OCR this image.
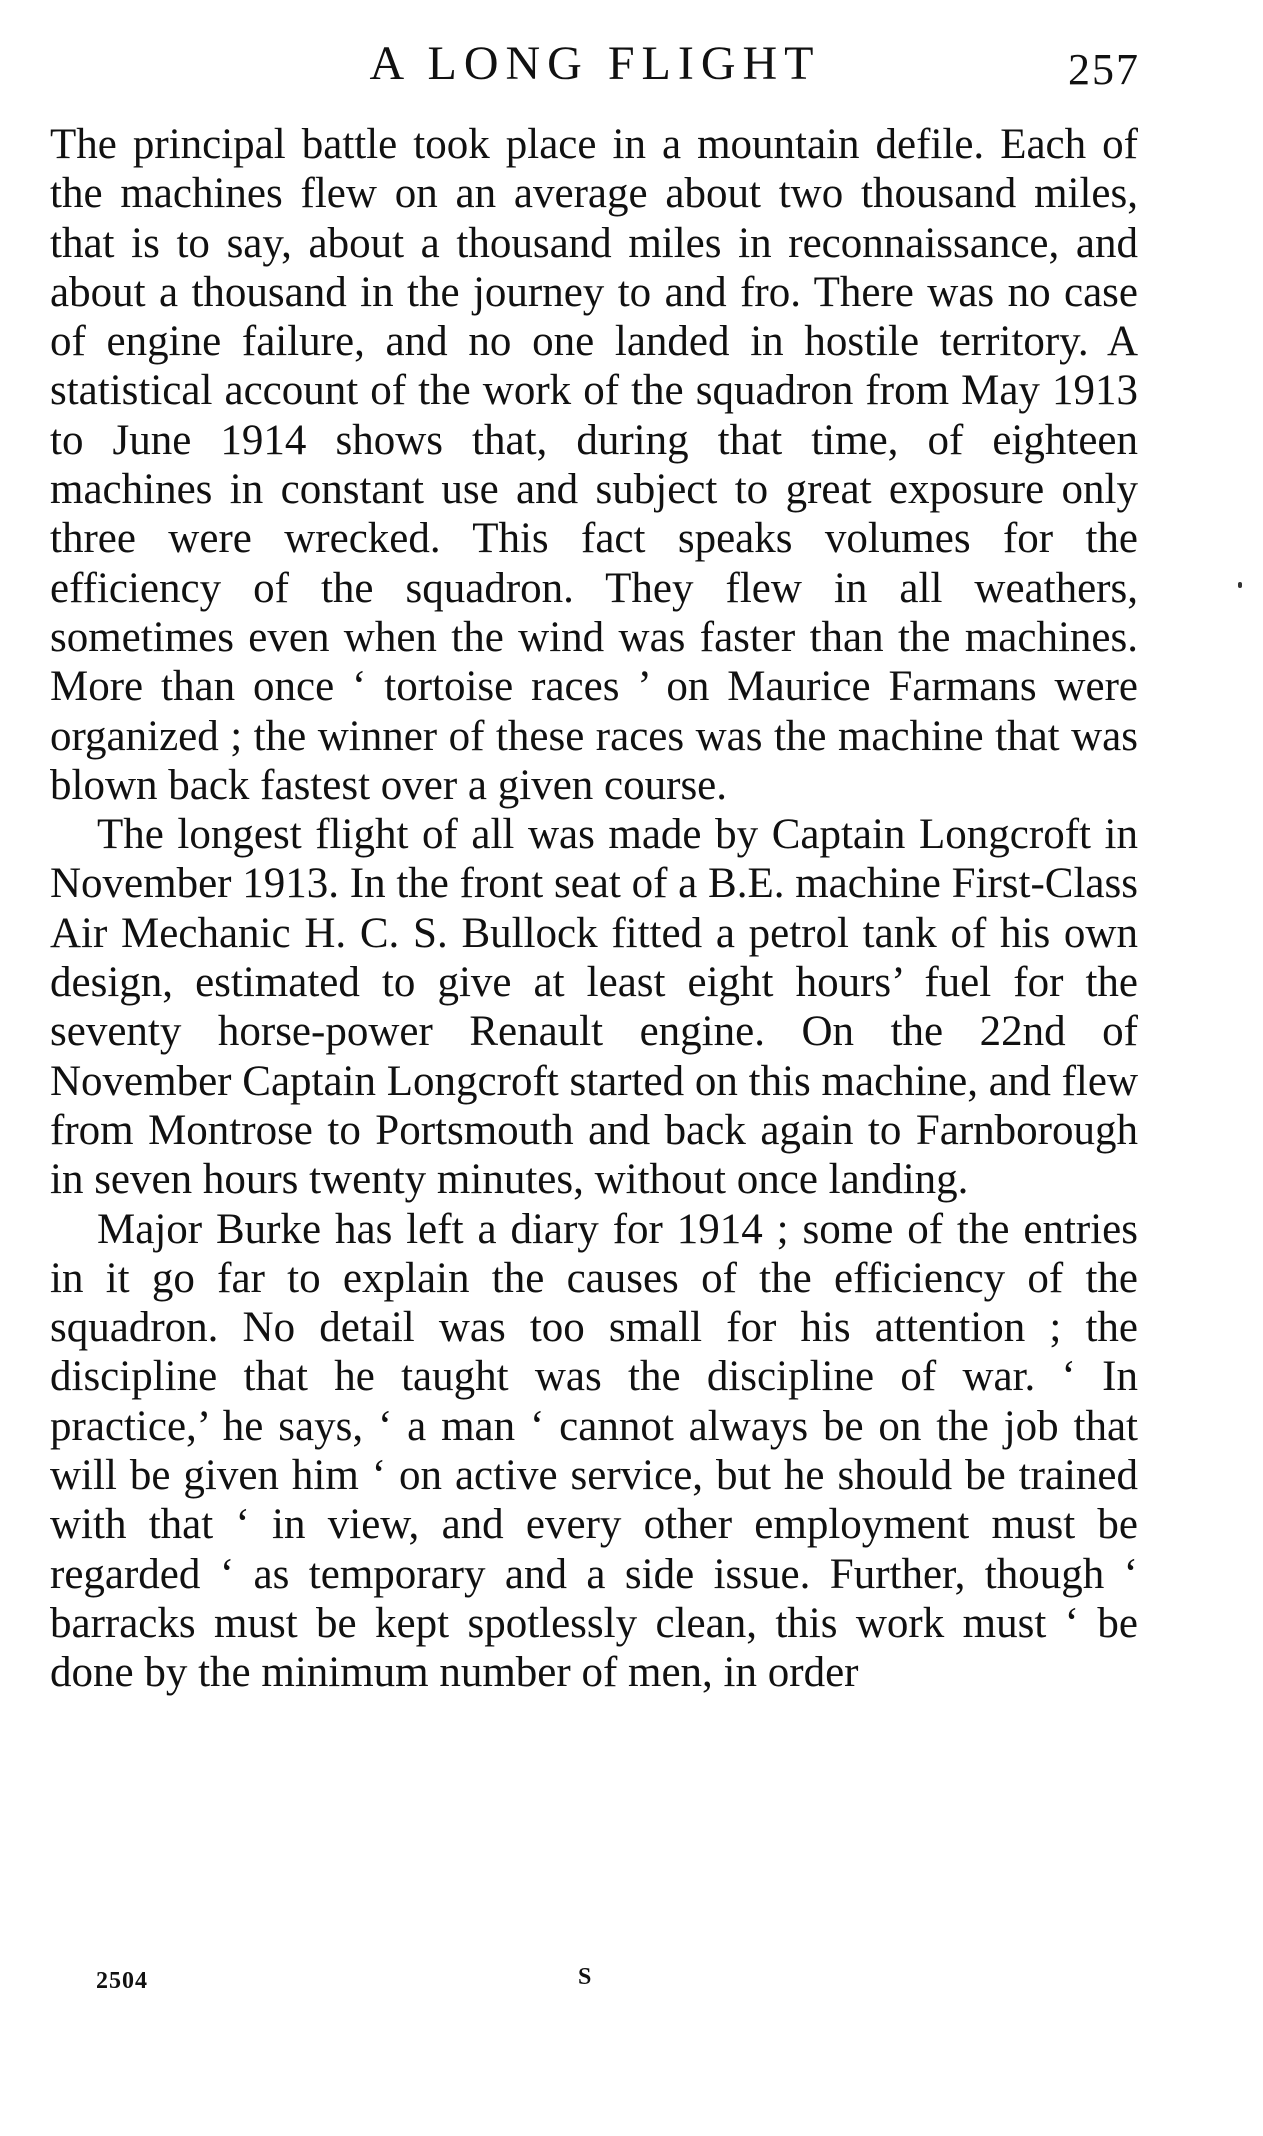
A LONG FLIGHT	257

The principal battle took place in a mountain defile. Each of the machines flew on an average about two thousand miles, that is to say, about a thousand miles in reconnaissance, and about a thousand in the journey to and fro. There was no case of engine failure, and no one landed in hostile territory. A statistical account of the work of the squadron from May 1913 to June 1914 shows that, during that time, of eighteen machines in constant use and subject to great exposure only three were wrecked. This fact speaks volumes for the efficiency of the squadron. They flew in all weathers, sometimes even when the wind was faster than the machines. More than once ‘ tortoise races ’ on Maurice Farmans were organized ; the winner of these races was the machine that was blown back fastest over a given course.

The longest flight of all was made by Captain Longcroft in November 1913. In the front seat of a B.E. machine First-Class Air Mechanic H. C. S. Bullock fitted a petrol tank of his own design, estimated to give at least eight hours’ fuel for the seventy horse-power Renault engine. On the 22nd of November Captain Longcroft started on this machine, and flew from Montrose to Portsmouth and back again to Farnborough in seven hours twenty minutes, without once landing.

Major Burke has left a diary for 1914 ; some of the entries in it go far to explain the causes of the efficiency of the squadron. No detail was too small for his attention ; the discipline that he taught was the discipline of war. ‘ In practice,’ he says, ‘ a man ‘ cannot always be on the job that will be given him ‘ on active service, but he should be trained with that ‘ in view, and every other employment must be regarded ‘ as temporary and a side issue. Further, though ‘ barracks must be kept spotlessly clean, this work must ‘ be done by the minimum number of men, in order

2504	S
